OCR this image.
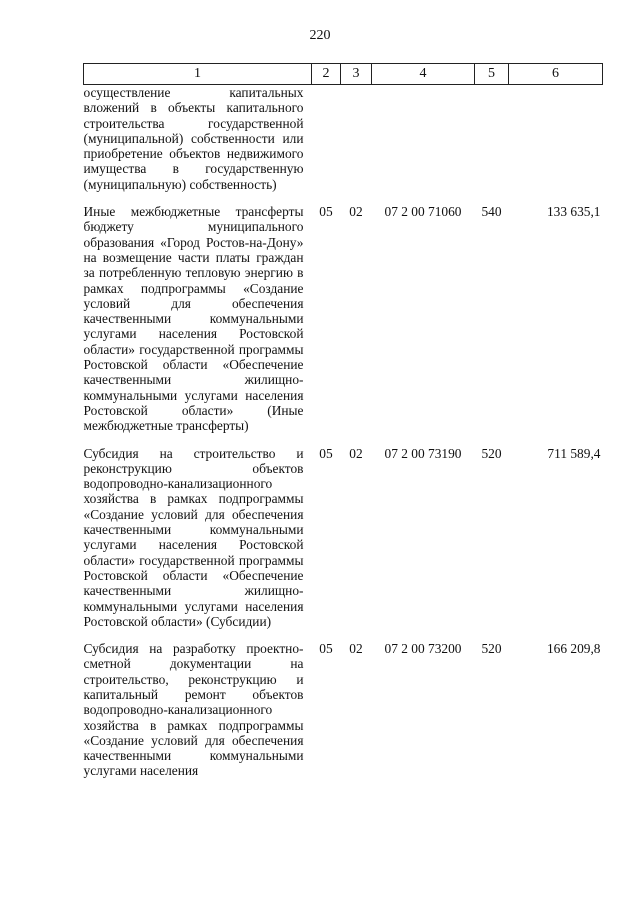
220
1	2	3	4	5	6
осуществление капитальных вложений в объекты капитального строительства государственной (муниципальной) собственности или приобретение объектов недвижимого имущества в государственную (муниципальную) собственность)					
Иные межбюджетные трансферты бюджету муниципального образования «Город Ростов-на-Дону» на возмещение части платы граждан за потребленную тепловую энергию в рамках подпрограммы «Создание условий для обеспечения качественными коммунальными услугами населения Ростовской области» государственной программы Ростовской области «Обеспечение качественными жилищно-коммунальными услугами населения Ростовской области» (Иные межбюджетные трансферты)	05	02	07 2 00 71060	540	133 635,1
Субсидия на строительство и реконструкцию объектов водопроводно-канализационного хозяйства в рамках подпрограммы «Создание условий для обеспечения качественными коммунальными услугами населения Ростовской области» государственной программы Ростовской области «Обеспечение качественными жилищно-коммунальными услугами населения Ростовской области» (Субсидии)	05	02	07 2 00 73190	520	711 589,4
Субсидия на разработку проектно-сметной документации на строительство, реконструкцию и капитальный ремонт объектов водопроводно-канализационного хозяйства в рамках подпрограммы «Создание условий для обеспечения качественными коммунальными услугами населения	05	02	07 2 00 73200	520	166 209,8
